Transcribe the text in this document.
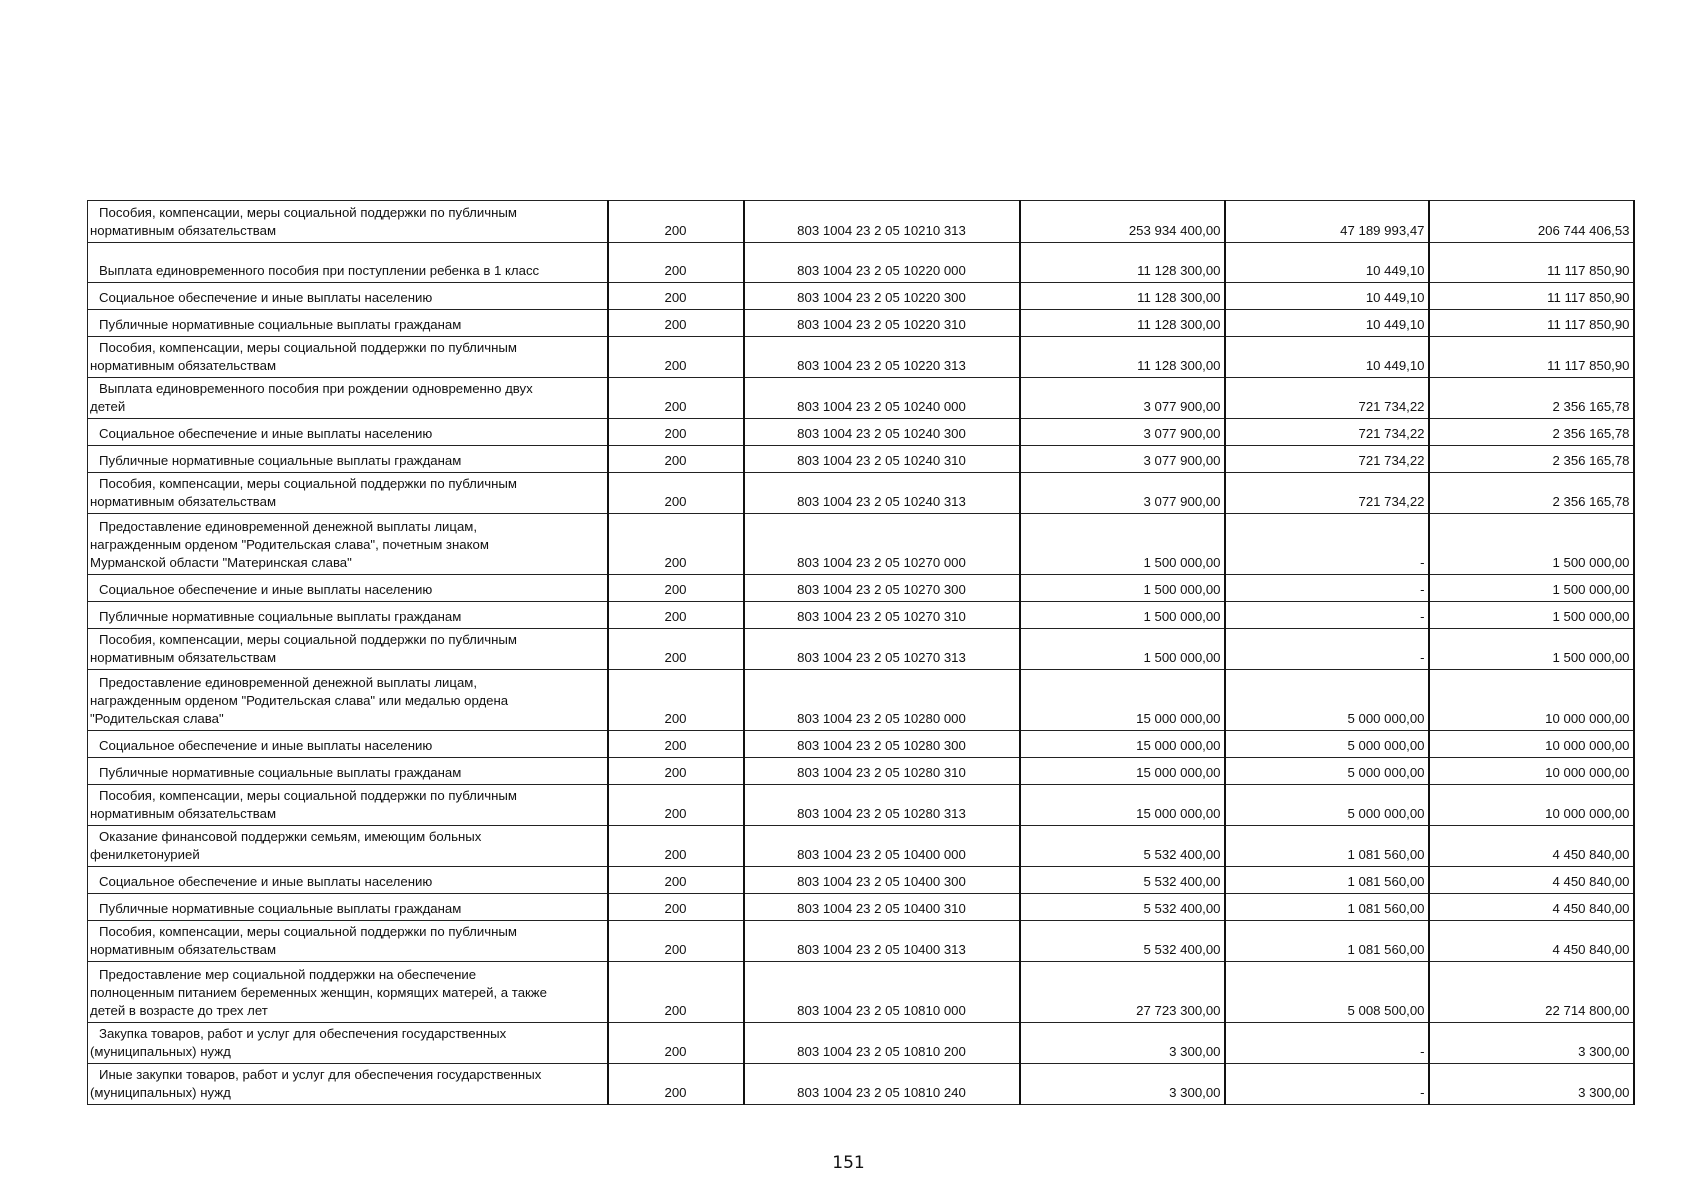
Пособия, компенсации, меры социальной поддержки по публичным
нормативным обязательствам	200	803 1004 23 2 05 10210 313	253 934 400,00	47 189 993,47	206 744 406,53
Выплата единовременного пособия при поступлении ребенка в 1 класс	200	803 1004 23 2 05 10220 000	11 128 300,00	10 449,10	11 117 850,90
Социальное обеспечение и иные выплаты населению	200	803 1004 23 2 05 10220 300	11 128 300,00	10 449,10	11 117 850,90
Публичные нормативные социальные выплаты гражданам	200	803 1004 23 2 05 10220 310	11 128 300,00	10 449,10	11 117 850,90
Пособия, компенсации, меры социальной поддержки по публичным
нормативным обязательствам	200	803 1004 23 2 05 10220 313	11 128 300,00	10 449,10	11 117 850,90
Выплата единовременного пособия при рождении одновременно двух
детей	200	803 1004 23 2 05 10240 000	3 077 900,00	721 734,22	2 356 165,78
Социальное обеспечение и иные выплаты населению	200	803 1004 23 2 05 10240 300	3 077 900,00	721 734,22	2 356 165,78
Публичные нормативные социальные выплаты гражданам	200	803 1004 23 2 05 10240 310	3 077 900,00	721 734,22	2 356 165,78
Пособия, компенсации, меры социальной поддержки по публичным
нормативным обязательствам	200	803 1004 23 2 05 10240 313	3 077 900,00	721 734,22	2 356 165,78
Предоставление единовременной денежной выплаты лицам,
награжденным орденом "Родительская слава", почетным знаком
Мурманской области "Материнская слава"	200	803 1004 23 2 05 10270 000	1 500 000,00	-	1 500 000,00
Социальное обеспечение и иные выплаты населению	200	803 1004 23 2 05 10270 300	1 500 000,00	-	1 500 000,00
Публичные нормативные социальные выплаты гражданам	200	803 1004 23 2 05 10270 310	1 500 000,00	-	1 500 000,00
Пособия, компенсации, меры социальной поддержки по публичным
нормативным обязательствам	200	803 1004 23 2 05 10270 313	1 500 000,00	-	1 500 000,00
Предоставление единовременной денежной выплаты лицам,
награжденным орденом "Родительская слава" или медалью ордена
"Родительская слава"	200	803 1004 23 2 05 10280 000	15 000 000,00	5 000 000,00	10 000 000,00
Социальное обеспечение и иные выплаты населению	200	803 1004 23 2 05 10280 300	15 000 000,00	5 000 000,00	10 000 000,00
Публичные нормативные социальные выплаты гражданам	200	803 1004 23 2 05 10280 310	15 000 000,00	5 000 000,00	10 000 000,00
Пособия, компенсации, меры социальной поддержки по публичным
нормативным обязательствам	200	803 1004 23 2 05 10280 313	15 000 000,00	5 000 000,00	10 000 000,00
Оказание финансовой поддержки семьям, имеющим больных
фенилкетонурией	200	803 1004 23 2 05 10400 000	5 532 400,00	1 081 560,00	4 450 840,00
Социальное обеспечение и иные выплаты населению	200	803 1004 23 2 05 10400 300	5 532 400,00	1 081 560,00	4 450 840,00
Публичные нормативные социальные выплаты гражданам	200	803 1004 23 2 05 10400 310	5 532 400,00	1 081 560,00	4 450 840,00
Пособия, компенсации, меры социальной поддержки по публичным
нормативным обязательствам	200	803 1004 23 2 05 10400 313	5 532 400,00	1 081 560,00	4 450 840,00
Предоставление мер социальной поддержки на обеспечение
полноценным питанием беременных женщин, кормящих матерей, а также
детей в возрасте до трех лет	200	803 1004 23 2 05 10810 000	27 723 300,00	5 008 500,00	22 714 800,00
Закупка товаров, работ и услуг для обеспечения государственных
(муниципальных) нужд	200	803 1004 23 2 05 10810 200	3 300,00	-	3 300,00
Иные закупки товаров, работ и услуг для обеспечения государственных
(муниципальных) нужд	200	803 1004 23 2 05 10810 240	3 300,00	-	3 300,00
151
